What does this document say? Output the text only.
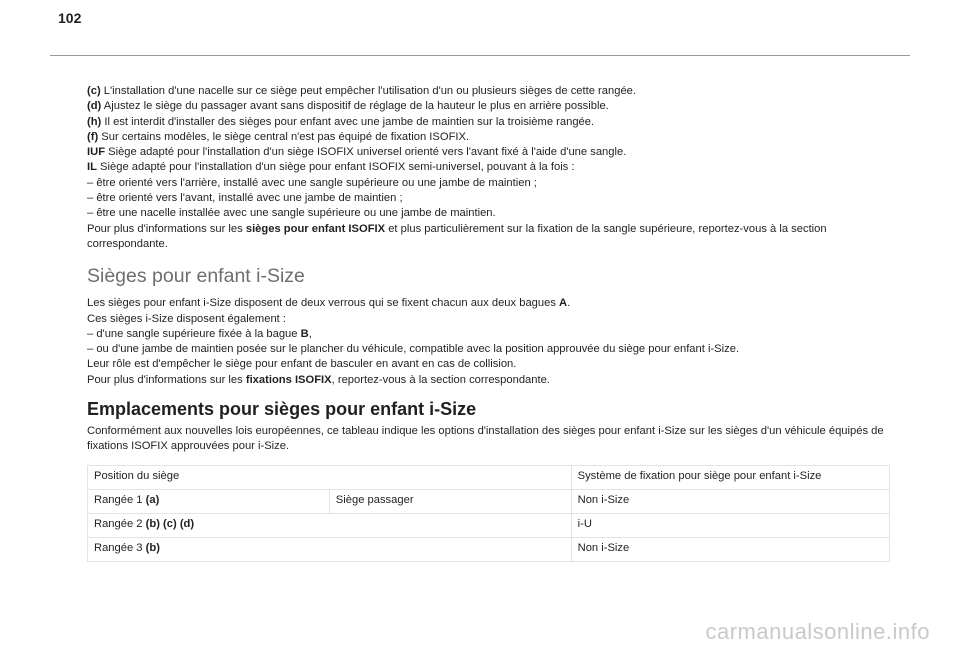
102

(c) L'installation d'une nacelle sur ce siège peut empêcher l'utilisation d'un ou plusieurs sièges de cette rangée.

(d) Ajustez le siège du passager avant sans dispositif de réglage de la hauteur le plus en arrière possible.

(h) Il est interdit d'installer des sièges pour enfant avec une jambe de maintien sur la troisième rangée.

(f) Sur certains modèles, le siège central n'est pas équipé de fixation ISOFIX.

IUF Siège adapté pour l'installation d'un siège ISOFIX universel orienté vers l'avant fixé à l'aide d'une sangle.

IL Siège adapté pour l'installation d'un siège pour enfant ISOFIX semi-universel, pouvant à la fois :

– être orienté vers l'arrière, installé avec une sangle supérieure ou une jambe de maintien ;

– être orienté vers l'avant, installé avec une jambe de maintien ;

– être une nacelle installée avec une sangle supérieure ou une jambe de maintien.

Pour plus d'informations sur les sièges pour enfant ISOFIX et plus particulièrement sur la fixation de la sangle supérieure, reportez-vous à la section correspondante.

Sièges pour enfant i-Size

Les sièges pour enfant i-Size disposent de deux verrous qui se fixent chacun aux deux bagues A.

Ces sièges i-Size disposent également :

– d'une sangle supérieure fixée à la bague B,

– ou d'une jambe de maintien posée sur le plancher du véhicule, compatible avec la position approuvée du siège pour enfant i-Size.

Leur rôle est d'empêcher le siège pour enfant de basculer en avant en cas de collision.

Pour plus d'informations sur les fixations ISOFIX, reportez-vous à la section correspondante.

Emplacements pour sièges pour enfant i-Size

Conformément aux nouvelles lois européennes, ce tableau indique les options d'installation des sièges pour enfant i-Size sur les sièges d'un véhicule équipés de fixations ISOFIX approuvées pour i-Size.

Position du siège		Système de fixation pour siège pour enfant i-Size
Rangée 1 (a)	Siège passager	Non i-Size
Rangée 2 (b) (c) (d)		i-U
Rangée 3 (b)		Non i-Size
carmanualsonline.info
